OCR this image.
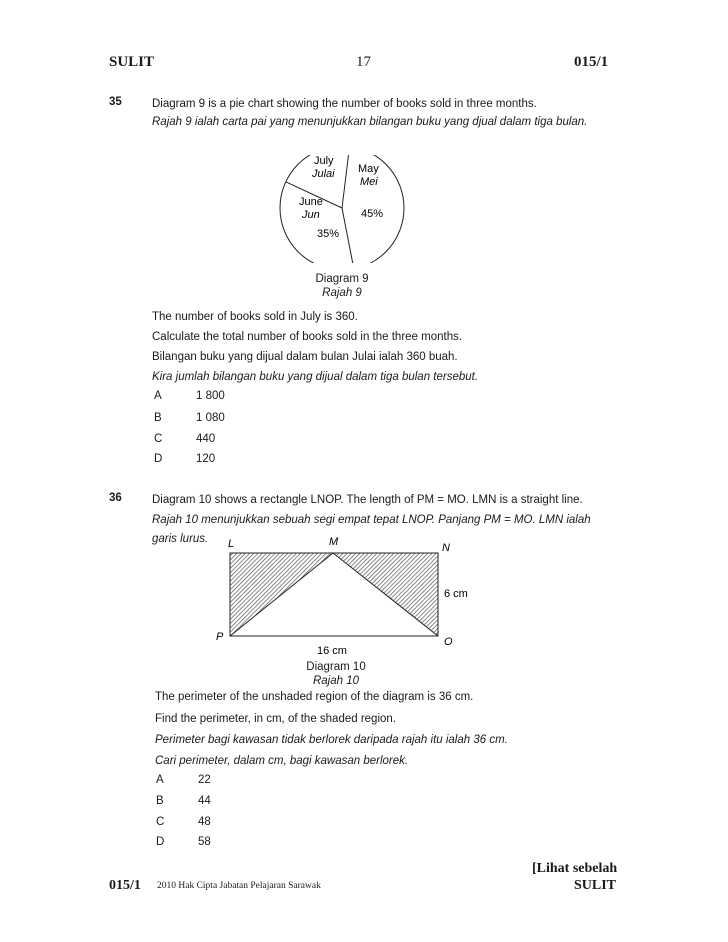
SULIT	17	015/1
35	Diagram 9 is a pie chart showing the number of books sold in three months.
Rajah 9 ialah carta pai yang menunjukkan bilangan buku yang djual dalam tiga bulan.
July
Julai May
Mei
45%
June
Jun
35%
Diagram 9
Rajah 9
The number of books sold in July is 360.
Calculate the total number of books sold in the three months.
Bilangan buku yang dijual dalam bulan Julai ialah 360 buah.
Kira jumlah bilangan buku yang dijual dalam tiga bulan tersebut.
A	1 800
B	1 080
C	440
D	120
36	Diagram 10 shows a rectangle LNOP. The length of PM = MO. LMN is a straight line.
Rajah 10 menunjukkan sebuah segi empat tepat LNOP. Panjang PM = MO. LMN ialah
garis lurus. L	M	N
O
P
6 cm
16 cm
Diagram 10
Rajah 10
The perimeter of the unshaded region of the diagram is 36 cm.
Find the perimeter, in cm, of the shaded region.
Perimeter bagi kawasan tidak berlorek daripada rajah itu ialah 36 cm.
Cari perimeter, dalam cm, bagi kawasan berlorek.
A	22
B	44
C	48
D	58
015/1 2010 Hak Cipta Jabatan Pelajaran Sarawak
[Lihat sebelah
SULIT
